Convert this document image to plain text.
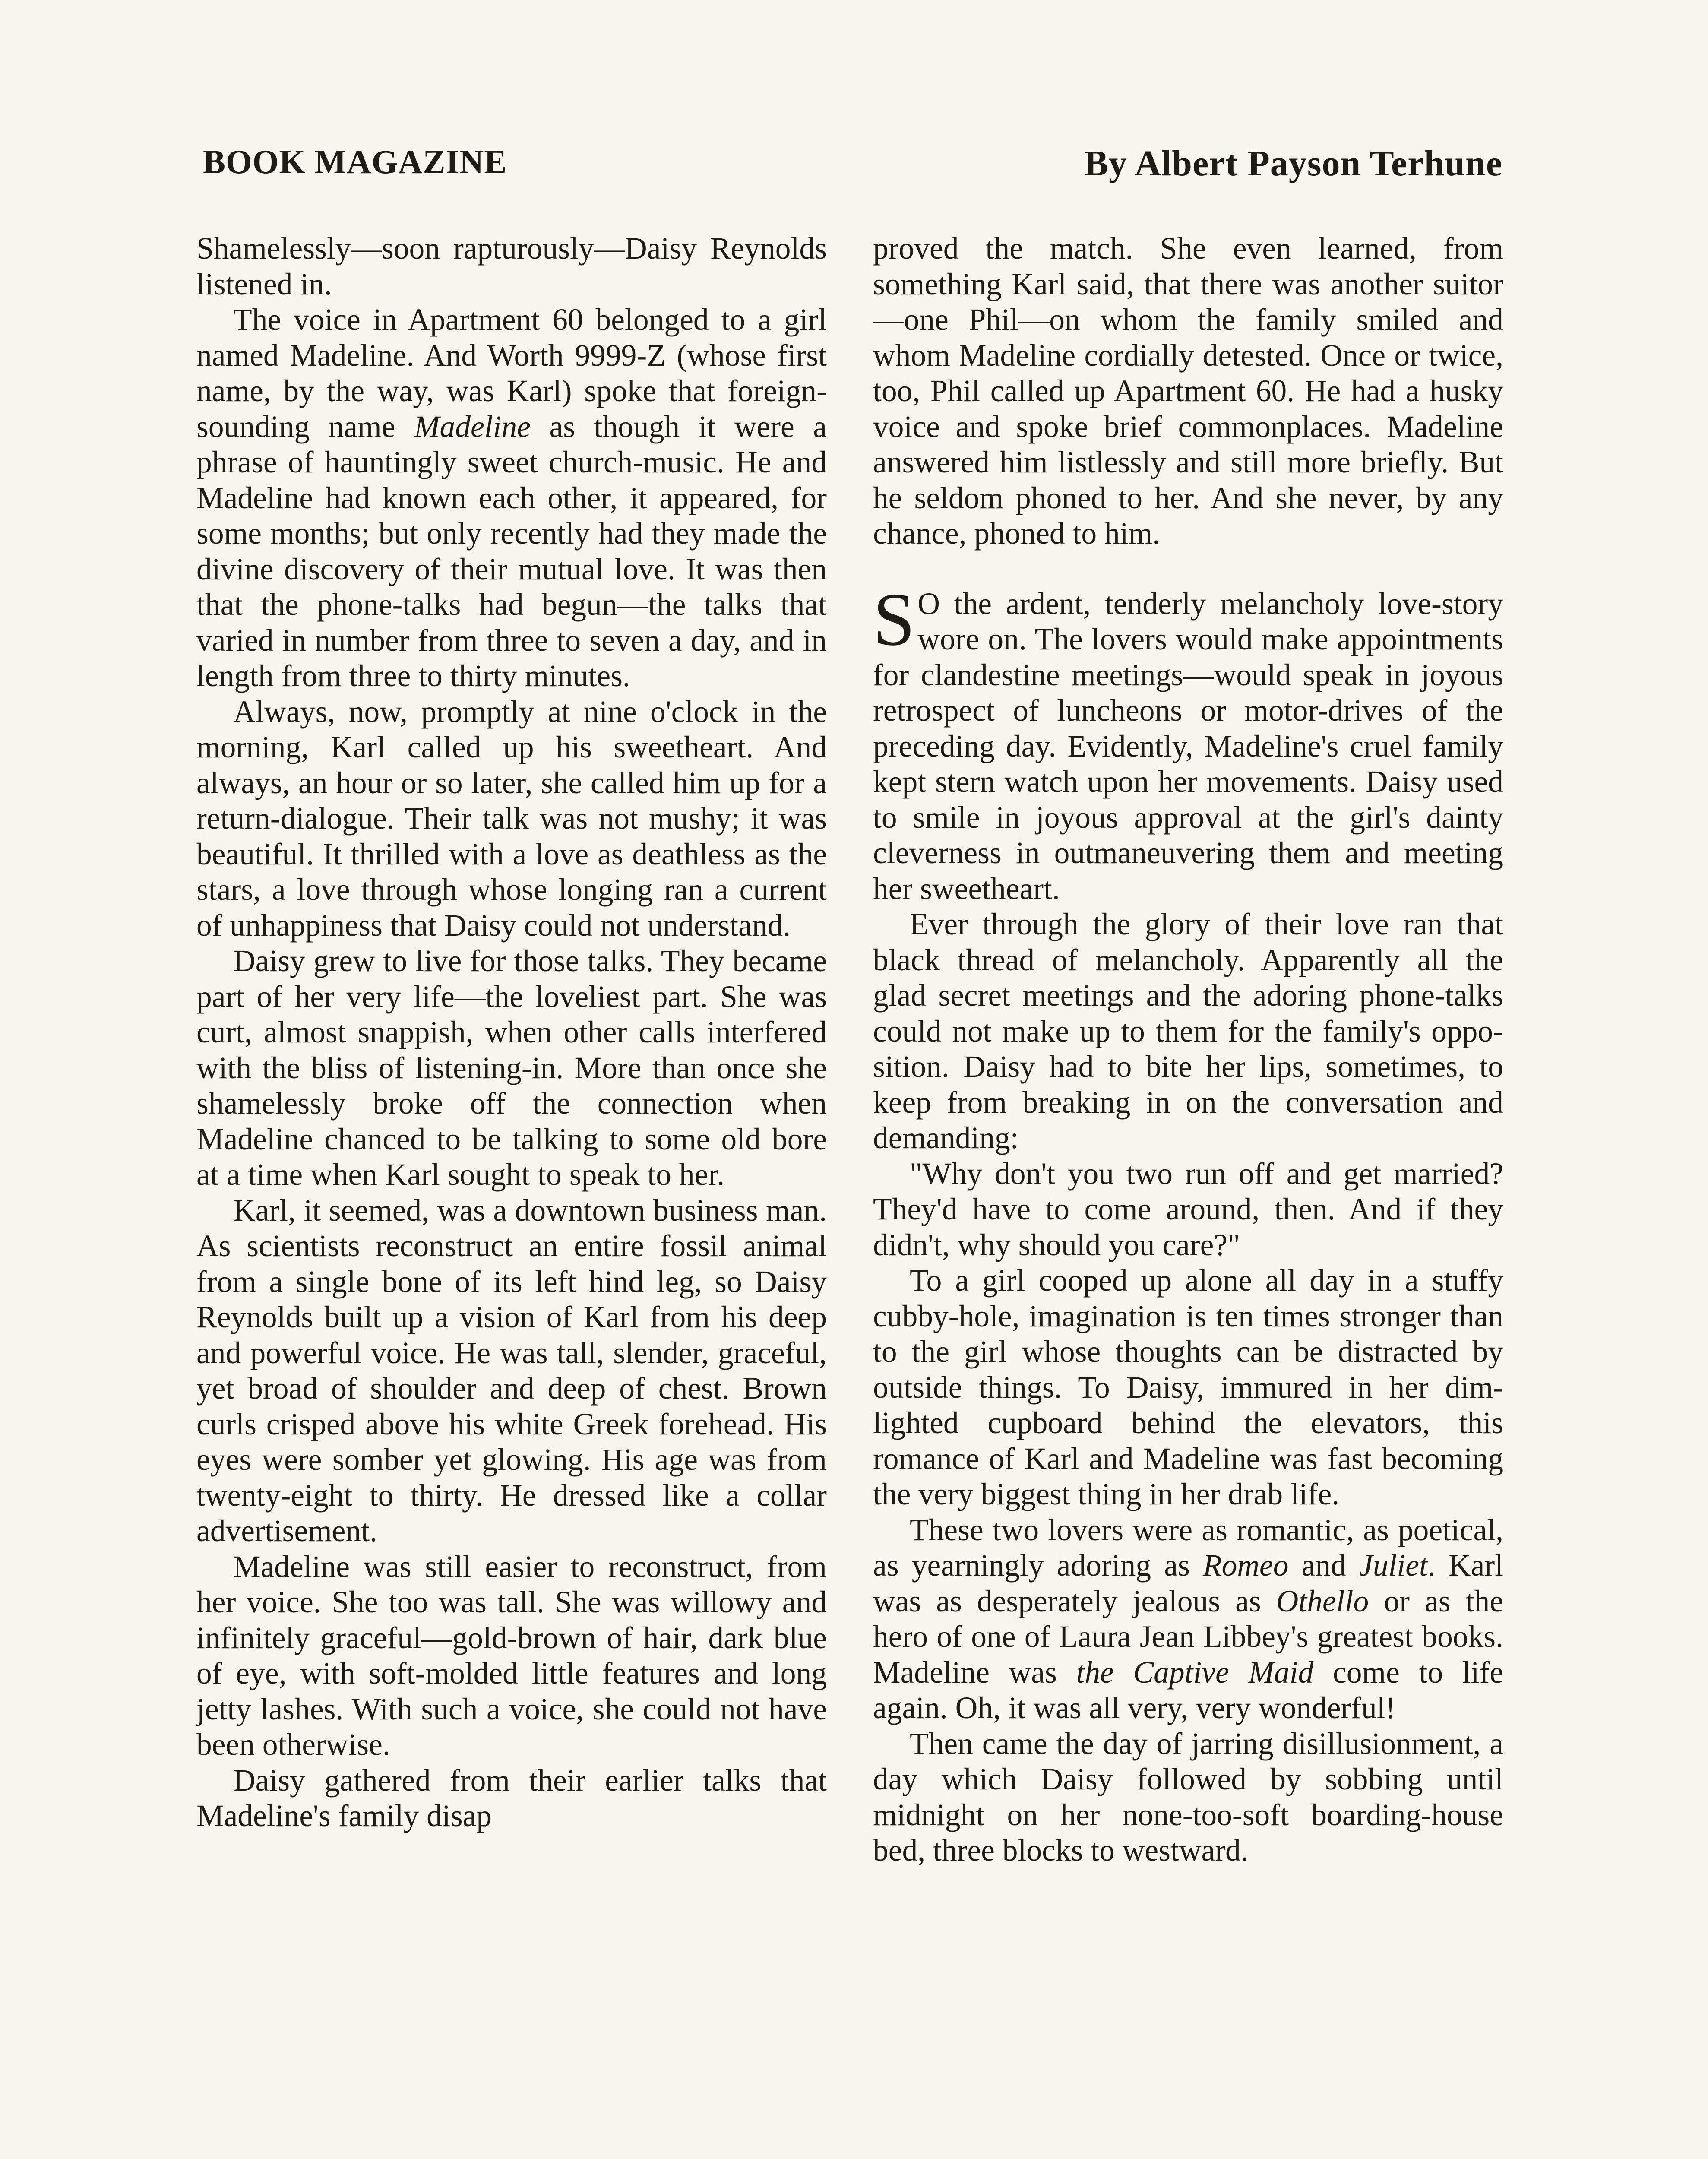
BOOK MAGAZINE	By Albert Payson Terhune

Shamelessly—soon rapturously—Daisy Reynolds listened in.

The voice in Apartment 60 belonged to a girl named Madeline. And Worth 9999-Z (whose first name, by the way, was Karl) spoke that foreign-sounding name Madeline as though it were a phrase of hauntingly sweet church-music. He and Madeline had known each other, it appeared, for some months; but only recently had they made the divine discovery of their mutual love. It was then that the phone-talks had begun—the talks that varied in number from three to seven a day, and in length from three to thirty minutes.

Always, now, promptly at nine o'clock in the morning, Karl called up his sweetheart. And always, an hour or so later, she called him up for a return-dialogue. Their talk was not mushy; it was beautiful. It thrilled with a love as deathless as the stars, a love through whose longing ran a current of unhappiness that Daisy could not understand.

Daisy grew to live for those talks. They became part of her very life—the loveliest part. She was curt, almost snappish, when other calls interfered with the bliss of listening-in. More than once she shamelessly broke off the connection when Madeline chanced to be talking to some old bore at a time when Karl sought to speak to her.

Karl, it seemed, was a downtown business man. As scientists reconstruct an entire fossil animal from a single bone of its left hind leg, so Daisy Reynolds built up a vision of Karl from his deep and powerful voice. He was tall, slender, graceful, yet broad of shoulder and deep of chest. Brown curls crisped above his white Greek forehead. His eyes were somber yet glowing. His age was from twenty-eight to thirty. He dressed like a collar advertisement.

Madeline was still easier to reconstruct, from her voice. She too was tall. She was willowy and infinitely graceful—gold-brown of hair, dark blue of eye, with soft-molded little features and long jetty lashes. With such a voice, she could not have been otherwise.

Daisy gathered from their earlier talks that Madeline's family disap

proved the match. She even learned, from something Karl said, that there was another suitor—one Phil—on whom the family smiled and whom Madeline cordially detested. Once or twice, too, Phil called up Apartment 60. He had a husky voice and spoke brief commonplaces. Madeline answered him listlessly and still more briefly. But he seldom phoned to her. And she never, by any chance, phoned to him.

S O the ardent, tenderly melancholy love-story wore on. The lovers would make appointments for clandestine meetings—would speak in joyous retrospect of luncheons or motor-drives of the preceding day. Evidently, Madeline's cruel family kept stern watch upon her movements. Daisy used to smile in joyous approval at the girl's dainty cleverness in outmaneuvering them and meeting her sweetheart.

Ever through the glory of their love ran that black thread of melancholy. Apparently all the glad secret meetings and the adoring phone-talks could not make up to them for the family's opposition. Daisy had to bite her lips, sometimes, to keep from breaking in on the conversation and demanding:

"Why don't you two run off and get married? They'd have to come around, then. And if they didn't, why should you care?"

To a girl cooped up alone all day in a stuffy cubby-hole, imagination is ten times stronger than to the girl whose thoughts can be distracted by outside things. To Daisy, immured in her dim-lighted cupboard behind the elevators, this romance of Karl and Madeline was fast becoming the very biggest thing in her drab life.

These two lovers were as romantic, as poetical, as yearningly adoring as Romeo and Juliet. Karl was as desperately jealous as Othello or as the hero of one of Laura Jean Libbey's greatest books. Madeline was the Captive Maid come to life again. Oh, it was all very, very wonderful!

Then came the day of jarring disillusionment, a day which Daisy followed by sobbing until midnight on her none-too-soft boarding-house bed, three blocks to westward.
